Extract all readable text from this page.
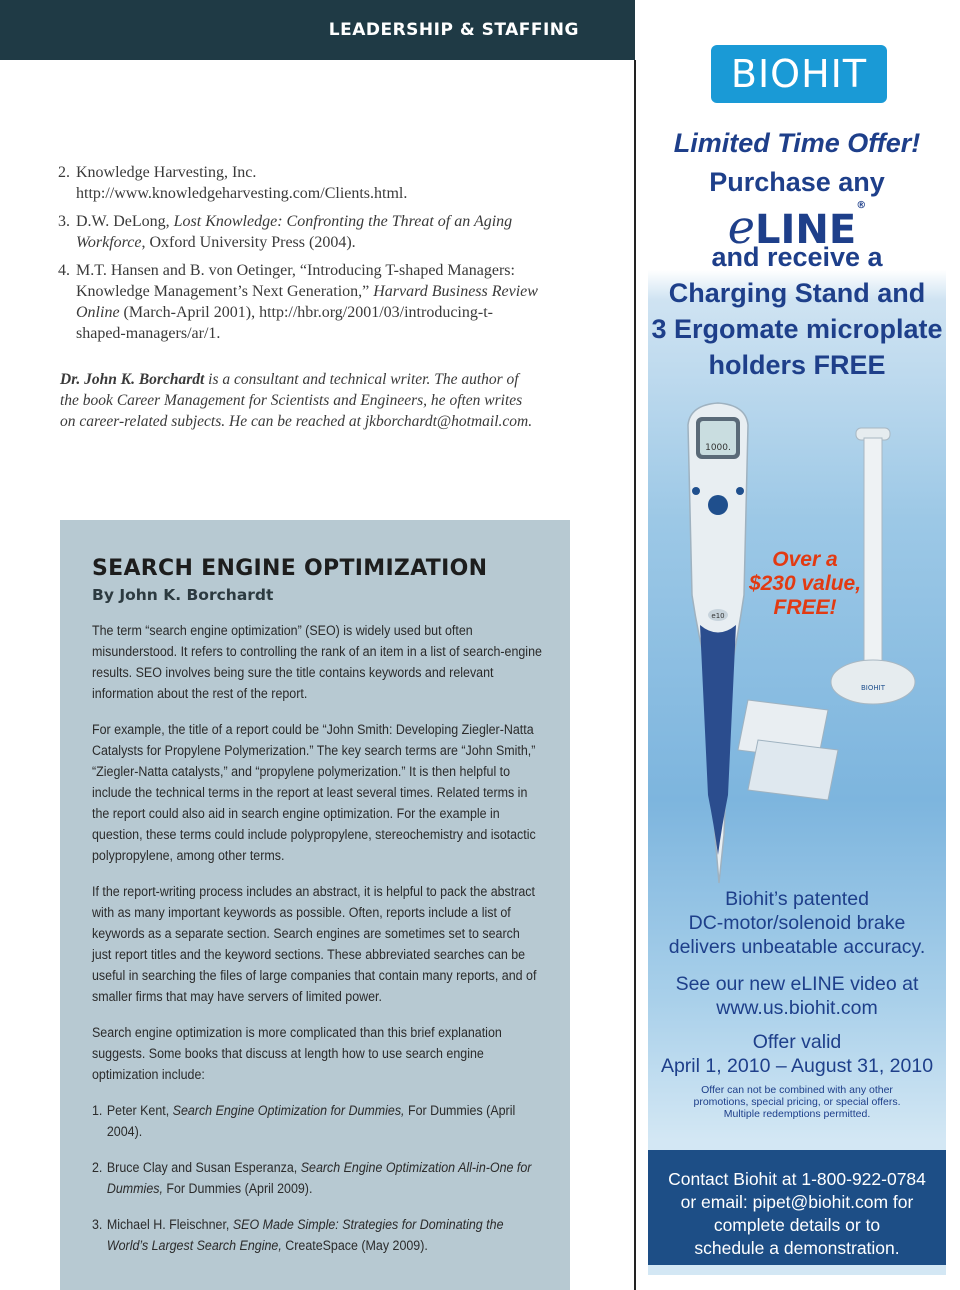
LEADERSHIP & STAFFING
2. Knowledge Harvesting, Inc. http://www.knowledgeharvesting.com/Clients.html.
3. D.W. DeLong, Lost Knowledge: Confronting the Threat of an Aging Workforce, Oxford University Press (2004).
4. M.T. Hansen and B. von Oetinger, “Introducing T-shaped Managers: Knowledge Management’s Next Generation,” Harvard Business Review Online (March-April 2001), http://hbr.org/2001/03/introducing-t-shaped-managers/ar/1.
Dr. John K. Borchardt is a consultant and technical writer. The author of the book Career Management for Scientists and Engineers, he often writes on career-related subjects. He can be reached at jkborchardt@hotmail.com.
SEARCH ENGINE OPTIMIZATION
By John K. Borchardt

The term “search engine optimization” (SEO) is widely used but often misunderstood. It refers to controlling the rank of an item in a list of search-engine results. SEO involves being sure the title contains keywords and relevant information about the rest of the report.

For example, the title of a report could be “John Smith: Developing Ziegler-Natta Catalysts for Propylene Polymerization.” The key search terms are “John Smith,” “Ziegler-Natta catalysts,” and “propylene polymerization.” It is then helpful to include the technical terms in the report at least several times. Related terms in the report could also aid in search engine optimization. For the example in question, these terms could include polypropylene, stereochemistry and isotactic polypropylene, among other terms.

If the report-writing process includes an abstract, it is helpful to pack the abstract with as many important keywords as possible. Often, reports include a list of keywords as a separate section. Search engines are sometimes set to search just report titles and the keyword sections. These abbreviated searches can be useful in searching the files of large companies that contain many reports, and of smaller firms that may have servers of limited power.

Search engine optimization is more complicated than this brief explanation suggests. Some books that discuss at length how to use search engine optimization include:

1. Peter Kent, Search Engine Optimization for Dummies, For Dummies (April 2004).
2. Bruce Clay and Susan Esperanza, Search Engine Optimization All-in-One for Dummies, For Dummies (April 2009).
3. Michael H. Fleischner, SEO Made Simple: Strategies for Dominating the World’s Largest Search Engine, CreateSpace (May 2009).
BIOHIT
Limited Time Offer!
Purchase any
eLINE®
and receive a
Charging Stand and
3 Ergomate microplate
holders FREE
1000.
e10
BIOHIT
Over a
$230 value,
FREE!
Biohit’s patented
DC-motor/solenoid brake
delivers unbeatable accuracy.
See our new eLINE video at
www.us.biohit.com
Offer valid
April 1, 2010 – August 31, 2010
Offer can not be combined with any other
promotions, special pricing, or special offers.
Multiple redemptions permitted.
Contact Biohit at 1-800-922-0784
or email: pipet@biohit.com for
complete details or to
schedule a demonstration.
